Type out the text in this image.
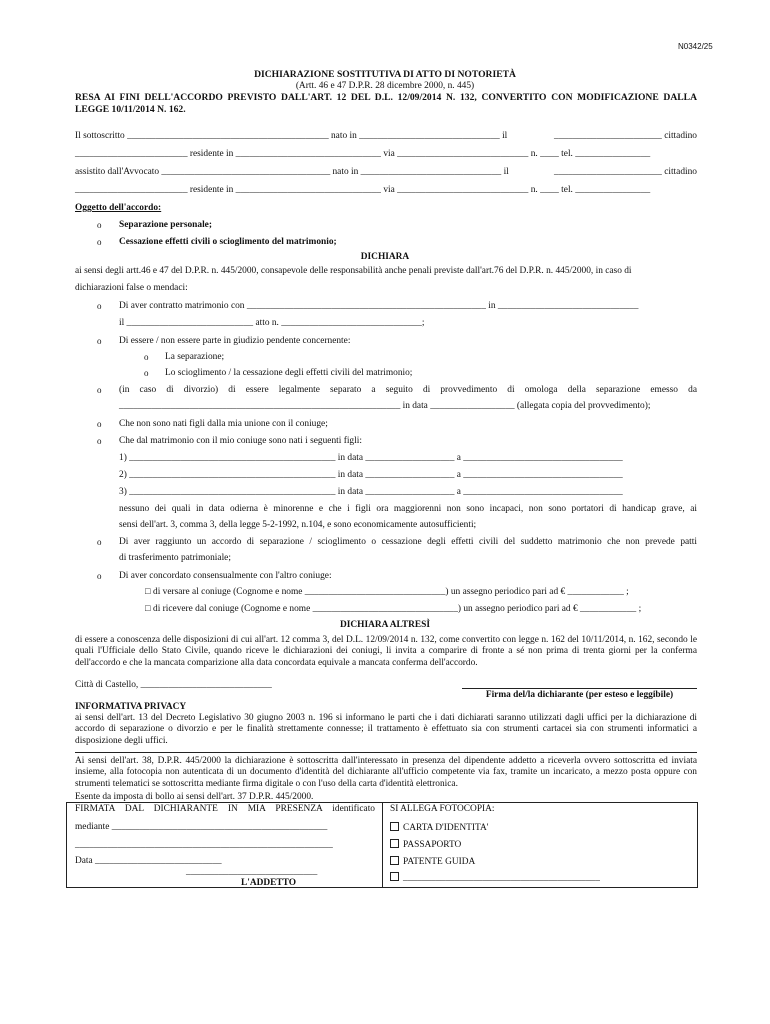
N0342/25
DICHIARAZIONE SOSTITUTIVA DI ATTO DI NOTORIETÀ
(Artt. 46 e 47 D.P.R. 28 dicembre 2000, n. 445)
RESA AI FINI DELL'ACCORDO PREVISTO DALL'ART. 12 DEL D.L. 12/09/2014 N. 132, CONVERTITO CON MODIFICAZIONE DALLA LEGGE 10/11/2014 N. 162.
Il sottoscritto ___________________________________________ nato in ______________________________ il	_______________________ cittadino
________________________ residente in _______________________________ via ____________________________ n. ____ tel. ________________
assistito dall'Avvocato ____________________________________ nato in ______________________________ il	_______________________ cittadino
________________________ residente in _______________________________ via ____________________________ n. ____ tel. ________________
Oggetto dell'accordo:
o Separazione personale;
o Cessazione effetti civili o scioglimento del matrimonio;
DICHIARA
ai sensi degli artt.46 e 47 del D.P.R. n. 445/2000, consapevole delle responsabilità anche penali previste dall'art.76 del D.P.R. n. 445/2000, in caso di
dichiarazioni false o mendaci:
o Di aver contratto matrimonio con ___________________________________________________ in ______________________________
il ___________________________ atto n. ______________________________;
o Di essere / non essere parte in giudizio pendente concernente:
o La separazione;
o Lo scioglimento / la cessazione degli effetti civili del matrimonio;
o (in caso di divorzio) di essere legalmente separato a seguito di provvedimento di omologa della separazione emesso da
____________________________________________________________ in data __________________ (allegata copia del provvedimento);
o Che non sono nati figli dalla mia unione con il coniuge;
o Che dal matrimonio con il mio coniuge sono nati i seguenti figli:
1) ____________________________________________ in data ___________________ a __________________________________
2) ____________________________________________ in data ___________________ a __________________________________
3) ____________________________________________ in data ___________________ a __________________________________
nessuno dei quali in data odierna è minorenne e che i figli ora maggiorenni non sono incapaci, non sono portatori di handicap grave, ai
sensi dell'art. 3, comma 3, della legge 5-2-1992, n.104, e sono economicamente autosufficienti;
o Di aver raggiunto un accordo di separazione / scioglimento o cessazione degli effetti civili del suddetto matrimonio che non prevede patti
di trasferimento patrimoniale;
o Di aver concordato consensualmente con l'altro coniuge:
□ di versare al coniuge (Cognome e nome ______________________________) un assegno periodico pari ad € ____________ ;
□ di ricevere dal coniuge (Cognome e nome _______________________________) un assegno periodico pari ad € ____________ ;
DICHIARA ALTRESÌ
di essere a conoscenza delle disposizioni di cui all'art. 12 comma 3, del D.L. 12/09/2014 n. 132, come convertito con legge n. 162 del 10/11/2014, n. 162, secondo le quali l'Ufficiale dello Stato Civile, quando riceve le dichiarazioni dei coniugi, li invita a comparire di fronte a sé non prima di trenta giorni per la conferma dell'accordo e che la mancata comparizione alla data concordata equivale a mancata conferma dell'accordo.
Città di Castello, ____________________________
Firma del/la dichiarante (per esteso e leggibile)
INFORMATIVA PRIVACY
ai sensi dell'art. 13 del Decreto Legislativo 30 giugno 2003 n. 196 si informano le parti che i dati dichiarati saranno utilizzati dagli uffici per la dichiarazione di accordo di separazione o divorzio e per le finalità strettamente connesse; il trattamento è effettuato sia con strumenti cartacei sia con strumenti informatici a disposizione degli uffici.
Ai sensi dell'art. 38, D.P.R. 445/2000 la dichiarazione è sottoscritta dall'interessato in presenza del dipendente addetto a riceverla ovvero sottoscritta ed inviata insieme, alla fotocopia non autenticata di un documento d'identità del dichiarante all'ufficio competente via fax, tramite un incaricato, a mezzo posta oppure con strumenti telematici se sottoscritta mediante firma digitale o con l'uso della carta d'identità elettronica.
Esente da imposta di bollo ai sensi dell'art. 37 D.P.R. 445/2000.
FIRMATA DAL DICHIARANTE IN MIA PRESENZA identificato
mediante ______________________________________________
_______________________________________________________
Data ___________________________
____________________________
L'ADDETTO
SI ALLEGA FOTOCOPIA:
CARTA D'IDENTITA'
PASSAPORTO
PATENTE GUIDA
__________________________________________
